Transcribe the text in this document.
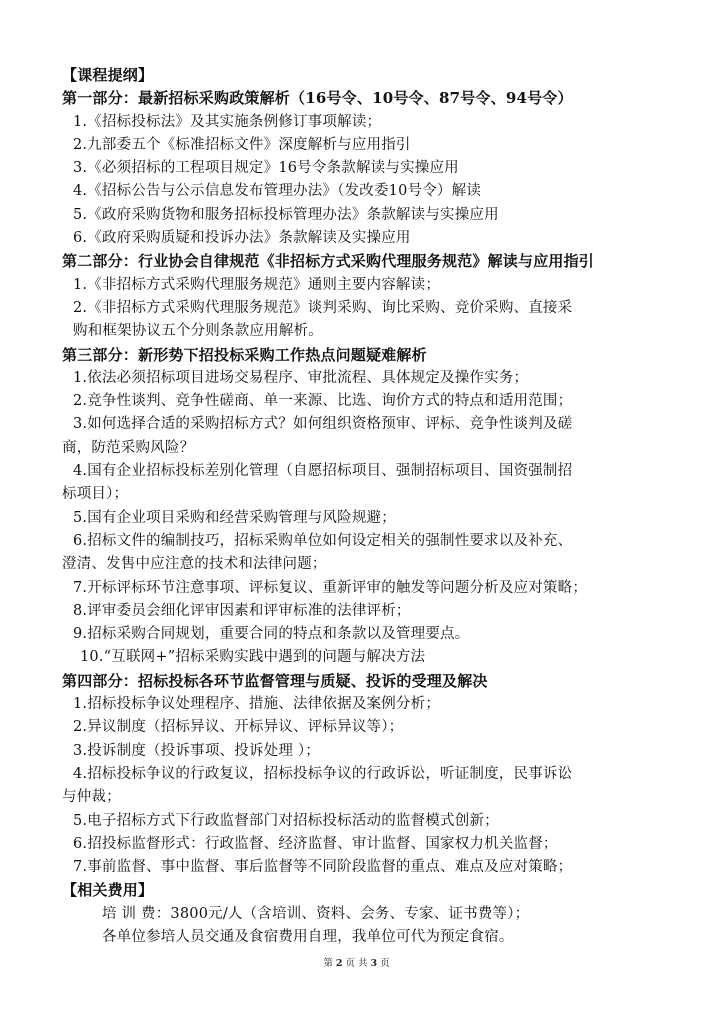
【课程提纲】
第一部分：最新招标采购政策解析（16号令、10号令、87号令、94号令）
1.《招标投标法》及其实施条例修订事项解读；
2.九部委五个《标准招标文件》深度解析与应用指引
3.《必须招标的工程项目规定》16号令条款解读与实操应用
4.《招标公告与公示信息发布管理办法》（发改委10号令）解读
5.《政府采购货物和服务招标投标管理办法》条款解读与实操应用
6.《政府采购质疑和投诉办法》条款解读及实操应用
第二部分：行业协会自律规范《非招标方式采购代理服务规范》解读与应用指引
1.《非招标方式采购代理服务规范》通则主要内容解读；
2.《非招标方式采购代理服务规范》谈判采购、询比采购、竞价采购、直接采
购和框架协议五个分则条款应用解析。
第三部分：新形势下招投标采购工作热点问题疑难解析
1.依法必须招标项目进场交易程序、审批流程、具体规定及操作实务；
2.竞争性谈判、竞争性磋商、单一来源、比选、询价方式的特点和适用范围；
3.如何选择合适的采购招标方式？如何组织资格预审、评标、竞争性谈判及磋
商，防范采购风险？
4.国有企业招标投标差别化管理（自愿招标项目、强制招标项目、国资强制招
标项目）；
5.国有企业项目采购和经营采购管理与风险规避；
6.招标文件的编制技巧，招标采购单位如何设定相关的强制性要求以及补充、
澄清、发售中应注意的技术和法律问题；
7.开标评标环节注意事项、评标复议、重新评审的触发等问题分析及应对策略；
8.评审委员会细化评审因素和评审标准的法律评析；
9.招标采购合同规划，重要合同的特点和条款以及管理要点。
10.“互联网+”招标采购实践中遇到的问题与解决方法
第四部分：招标投标各环节监督管理与质疑、投诉的受理及解决
1.招标投标争议处理程序、措施、法律依据及案例分析；
2.异议制度（招标异议、开标异议、评标异议等）；
3.投诉制度（投诉事项、投诉处理 ）；
4.招标投标争议的行政复议，招标投标争议的行政诉讼，听证制度，民事诉讼
与仲裁；
5.电子招标方式下行政监督部门对招标投标活动的监督模式创新；
6.招投标监督形式：行政监督、经济监督、审计监督、国家权力机关监督；
7.事前监督、事中监督、事后监督等不同阶段监督的重点、难点及应对策略；
【相关费用】
培 训 费：3800元/人（含培训、资料、会务、专家、证书费等）；
各单位参培人员交通及食宿费用自理，我单位可代为预定食宿。
第 2 页 共 3 页
